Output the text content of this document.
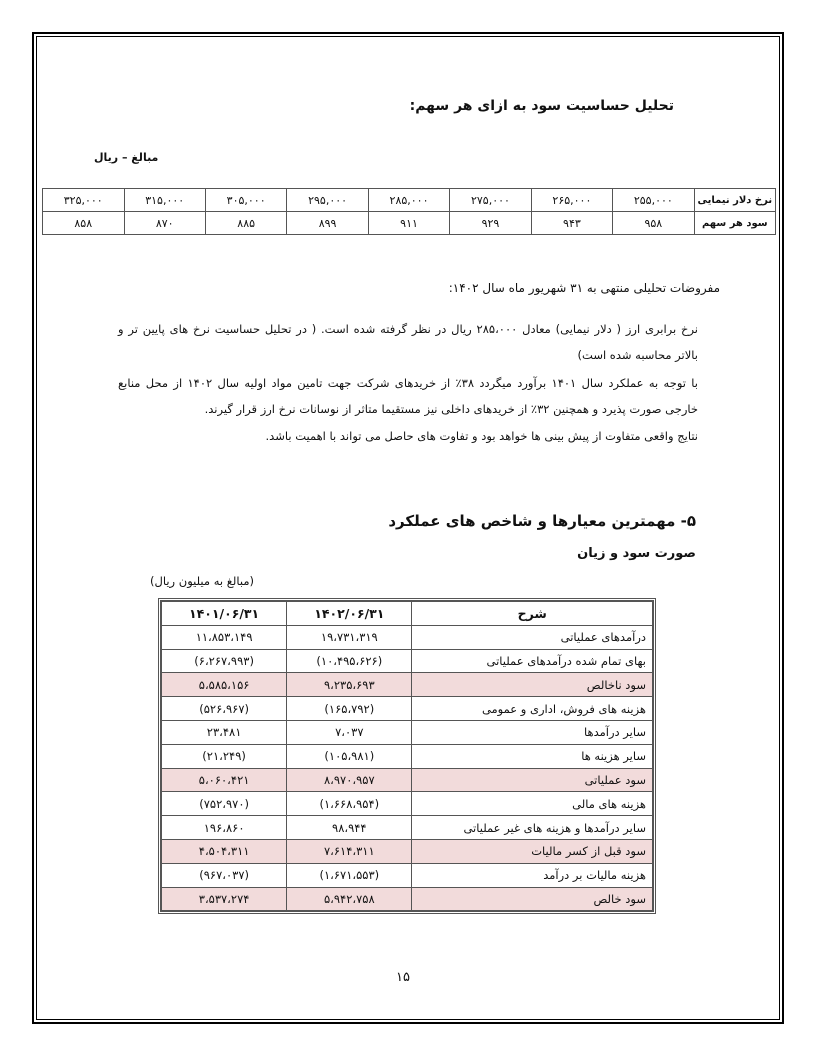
تحلیل حساسیت سود به ازای هر سهم:
مبالغ – ریال
نرخ دلار نیمایی	۲۵۵,۰۰۰	۲۶۵,۰۰۰	۲۷۵,۰۰۰	۲۸۵,۰۰۰	۲۹۵,۰۰۰	۳۰۵,۰۰۰	۳۱۵,۰۰۰	۳۲۵,۰۰۰
سود هر سهم	۹۵۸	۹۴۳	۹۲۹	۹۱۱	۸۹۹	۸۸۵	۸۷۰	۸۵۸
مفروضات تحلیلی منتهی به ۳۱ شهریور ماه سال ۱۴۰۲:
نرخ برابری ارز ( دلار نیمایی) معادل ۲۸۵،۰۰۰ ریال در نظر گرفته شده است. ( در تحلیل حساسیت نرخ های پایین تر و بالاتر محاسبه شده است)
با توجه به عملکرد سال ۱۴۰۱ برآورد میگردد ۳۸٪ از خریدهای شرکت جهت تامین مواد اولیه سال ۱۴۰۲ از محل منابع خارجی صورت پذیرد و همچنین ۳۲٪ از خریدهای داخلی نیز مستقیما متاثر از نوسانات نرخ ارز قرار گیرند.
نتایج واقعی متفاوت از پیش بینی ها خواهد بود و تفاوت های حاصل می تواند با اهمیت باشد.
۵- مهمترین معیارها و شاخص های عملکرد
صورت سود و زیان
(مبالغ به میلیون ریال)
شرح	۱۴۰۲/۰۶/۳۱	۱۴۰۱/۰۶/۳۱
درآمدهای عملیاتی	۱۹،۷۳۱،۳۱۹	۱۱،۸۵۳،۱۴۹
بهای تمام شده درآمدهای عملیاتی	(۱۰،۴۹۵،۶۲۶)	(۶،۲۶۷،۹۹۳)
سود ناخالص	۹،۲۳۵،۶۹۳	۵،۵۸۵،۱۵۶
هزینه های فروش، اداری و عمومی	(۱۶۵،۷۹۲)	(۵۲۶،۹۶۷)
سایر درآمدها	۷،۰۳۷	۲۳،۴۸۱
سایر هزینه ها	(۱۰۵،۹۸۱)	(۲۱،۲۴۹)
سود عملیاتی	۸،۹۷۰،۹۵۷	۵،۰۶۰،۴۲۱
هزینه های مالی	(۱،۶۶۸،۹۵۴)	(۷۵۲،۹۷۰)
سایر درآمدها و هزینه های غیر عملیاتی	۹۸،۹۴۴	۱۹۶،۸۶۰
سود قبل از کسر مالیات	۷،۶۱۴،۳۱۱	۴،۵۰۴،۳۱۱
هزینه مالیات بر درآمد	(۱،۶۷۱،۵۵۳)	(۹۶۷،۰۳۷)
سود خالص	۵،۹۴۲،۷۵۸	۳،۵۳۷،۲۷۴
۱۵
